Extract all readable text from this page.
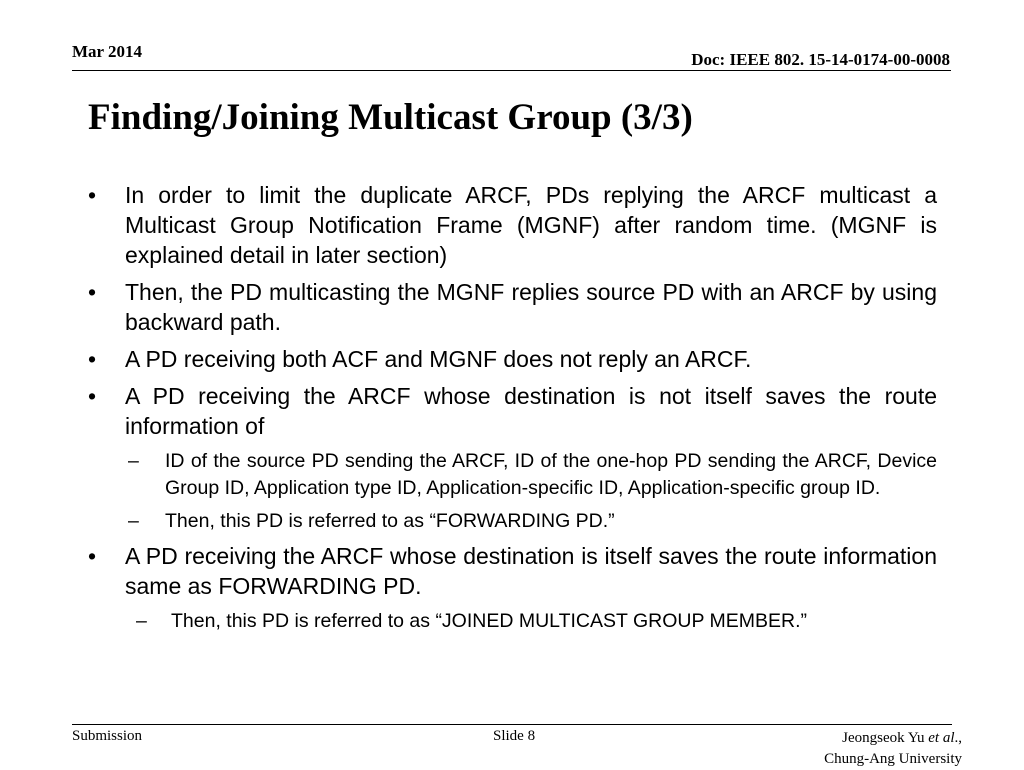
Mar 2014	Doc: IEEE 802. 15-14-0174-00-0008
Finding/Joining Multicast Group (3/3)

• In order to limit the duplicate ARCF, PDs replying the ARCF multicast a Multicast Group Notification Frame (MGNF) after random time. (MGNF is explained detail in later section)

• Then, the PD multicasting the MGNF replies source PD with an ARCF by using backward path.

• A PD receiving both ACF and MGNF does not reply an ARCF.

• A PD receiving the ARCF whose destination is not itself saves the route information of

– ID of the source PD sending the ARCF, ID of the one-hop PD sending the ARCF, Device Group ID, Application type ID, Application-specific ID, Application-specific group ID.

– Then, this PD is referred to as “FORWARDING PD.”

• A PD receiving the ARCF whose destination is itself saves the route information same as FORWARDING PD.

– Then, this PD is referred to as “JOINED MULTICAST GROUP MEMBER.”

Submission	Slide 8	Jeongseok Yu et al.,
Chung-Ang University
